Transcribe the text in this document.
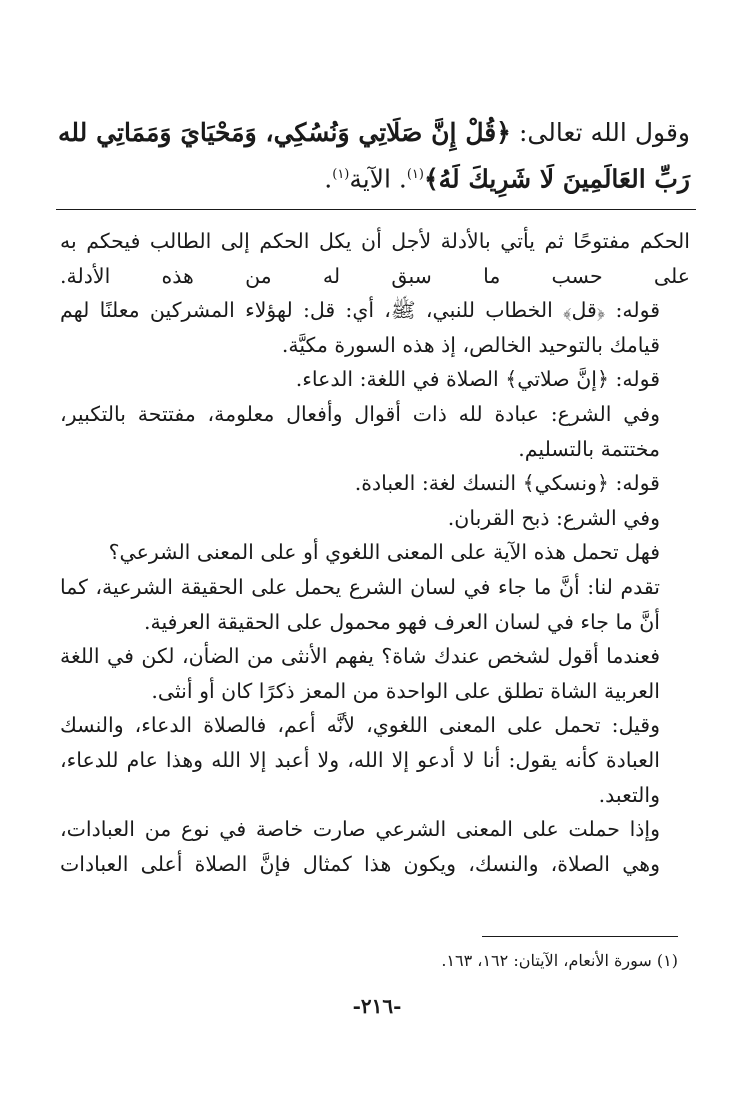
وقول الله تعالى: ﴿قُلْ إِنَّ صَلَاتِي وَنُسُكِي، وَمَحْيَايَ وَمَمَاتِي لله رَبِّ العَالَمِينَ لَا شَرِيكَ لَهُ﴾$^{(١)}$. الآية$^{(١)}$.

الحكم مفتوحًا ثم يأتي بالأدلة لأجل أن يكل الحكم إلى الطالب فيحكم به على حسب ما سبق له من هذه الأدلة.

قوله: ﴿قل﴾ الخطاب للنبي، ﷺ، أي: قل: لهؤلاء المشركين معلنًا لهم قيامك بالتوحيد الخالص، إذ هذه السورة مكيَّة.

قوله: ﴿إنَّ صلاتي﴾ الصلاة في اللغة: الدعاء.

وفي الشرع: عبادة لله ذات أقوال وأفعال معلومة، مفتتحة بالتكبير، مختتمة بالتسليم.

قوله: ﴿ونسكي﴾ النسك لغة: العبادة.

وفي الشرع: ذبح القربان.

فهل تحمل هذه الآية على المعنى اللغوي أو على المعنى الشرعي؟

تقدم لنا: أنَّ ما جاء في لسان الشرع يحمل على الحقيقة الشرعية، كما أنَّ ما جاء في لسان العرف فهو محمول على الحقيقة العرفية.

فعندما أقول لشخص عندك شاة؟ يفهم الأنثى من الضأن، لكن في اللغة العربية الشاة تطلق على الواحدة من المعز ذكرًا كان أو أنثى.

وقيل: تحمل على المعنى اللغوي، لأنَّه أعم، فالصلاة الدعاء، والنسك العبادة كأنه يقول: أنا لا أدعو إلا الله، ولا أعبد إلا الله وهذا عام للدعاء، والتعبد.

وإذا حملت على المعنى الشرعي صارت خاصة في نوع من العبادات، وهي الصلاة، والنسك، ويكون هذا كمثال فإنَّ الصلاة أعلى العبادات

(١) سورة الأنعام، الآيتان: ١٦٢، ١٦٣.
-٢١٦-
